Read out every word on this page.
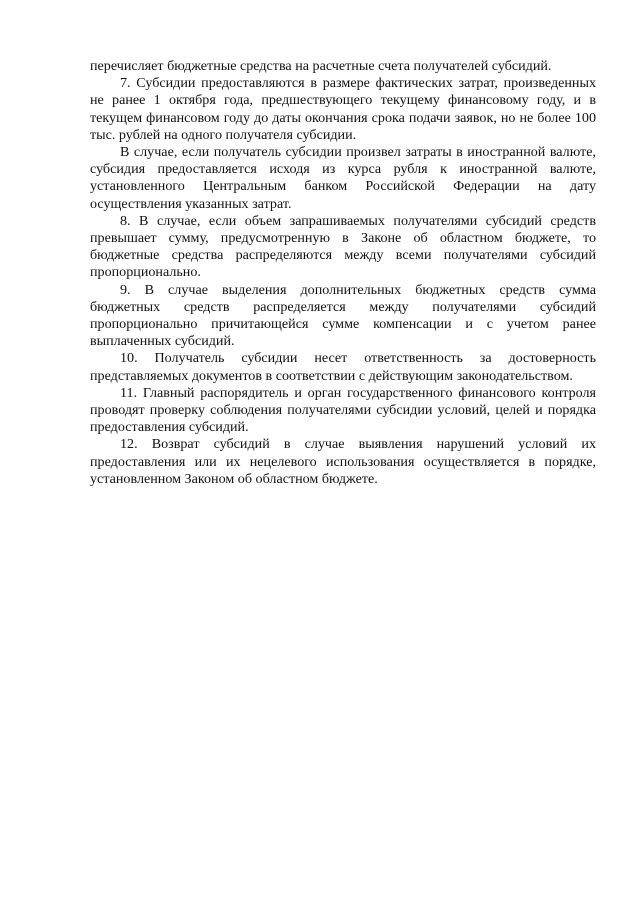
перечисляет бюджетные средства на расчетные счета получателей субсидий.

7. Субсидии предоставляются в размере фактических затрат, произведенных не ранее 1 октября года, предшествующего текущему финансовому году, и в текущем финансовом году до даты окончания срока подачи заявок, но не более 100 тыс. рублей на одного получателя субсидии.

В случае, если получатель субсидии произвел затраты в иностранной валюте, субсидия предоставляется исходя из курса рубля к иностранной валюте, установленного Центральным банком Российской Федерации на дату осуществления указанных затрат.

8. В случае, если объем запрашиваемых получателями субсидий средств превышает сумму, предусмотренную в Законе об областном бюджете, то бюджетные средства распределяются между всеми получателями субсидий пропорционально.

9. В случае выделения дополнительных бюджетных средств сумма бюджетных средств распределяется между получателями субсидий пропорционально причитающейся сумме компенсации и с учетом ранее выплаченных субсидий.

10. Получатель субсидии несет ответственность за достоверность представляемых документов в соответствии с действующим законодательством.

11. Главный распорядитель и орган государственного финансового контроля проводят проверку соблюдения получателями субсидии условий, целей и порядка предоставления субсидий.

12. Возврат субсидий в случае выявления нарушений условий их предоставления или их нецелевого использования осуществляется в порядке, установленном Законом об областном бюджете.
